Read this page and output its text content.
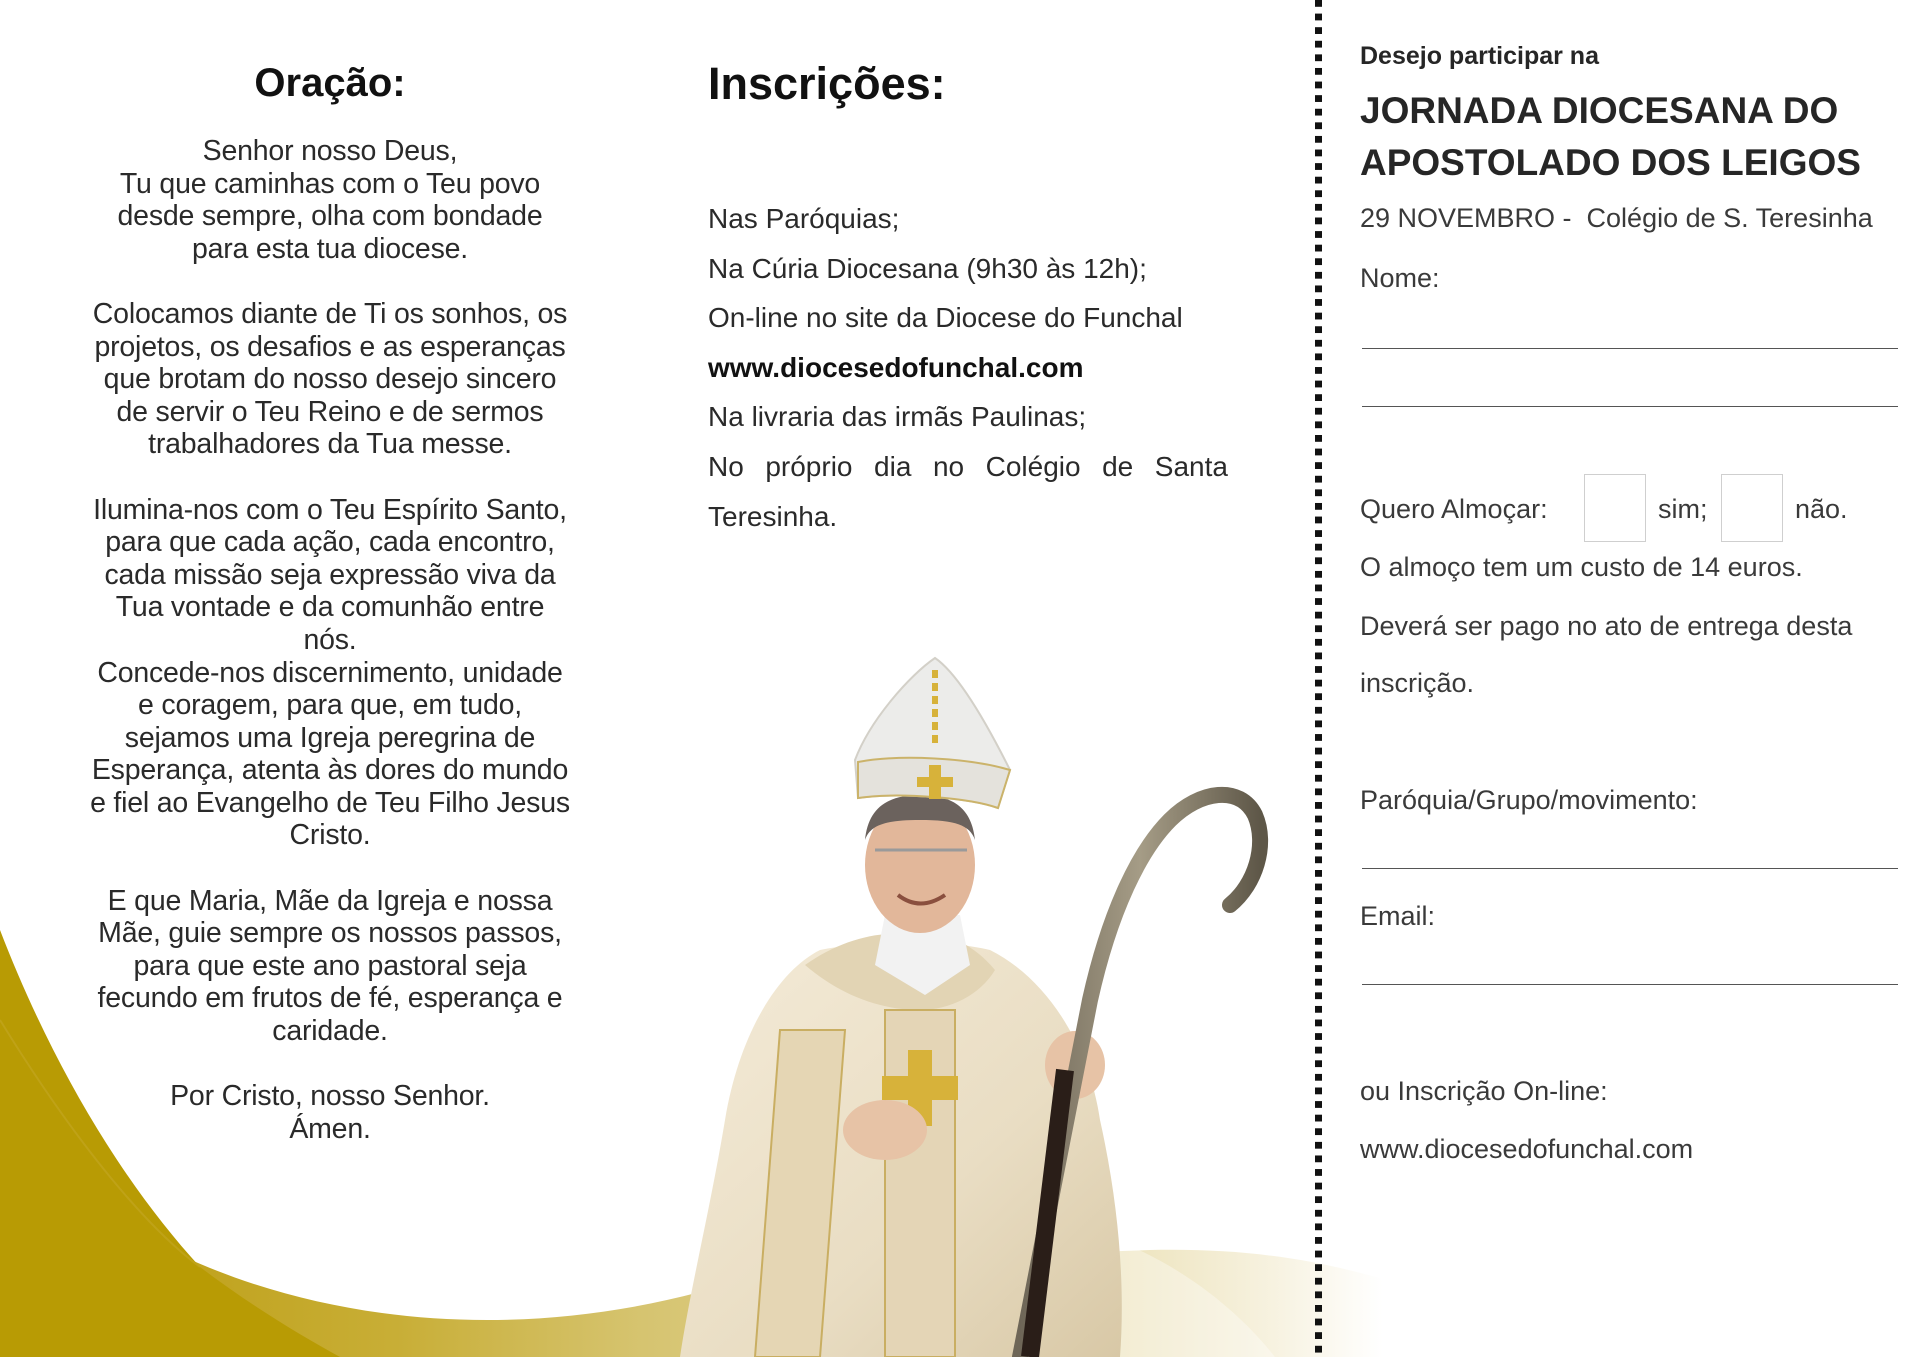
Oração:
Senhor nosso Deus,
Tu que caminhas com o Teu povo
desde sempre, olha com bondade
para esta tua diocese.
Colocamos diante de Ti os sonhos, os
projetos, os desafios e as esperanças
que brotam do nosso desejo sincero
de servir o Teu Reino e de sermos
trabalhadores da Tua messe.
Ilumina-nos com o Teu Espírito Santo,
para que cada ação, cada encontro,
cada missão seja expressão viva da
Tua vontade e da comunhão entre
nós.
Concede-nos discernimento, unidade
e coragem, para que, em tudo,
sejamos uma Igreja peregrina de
Esperança, atenta às dores do mundo
e fiel ao Evangelho de Teu Filho Jesus
Cristo.
E que Maria, Mãe da Igreja e nossa
Mãe, guie sempre os nossos passos,
para que este ano pastoral seja
fecundo em frutos de fé, esperança e
caridade.
Por Cristo, nosso Senhor.
Ámen.
Inscrições:
Nas Paróquias;
Na Cúria Diocesana (9h30 às 12h);
On-line no site da Diocese do Funchal
www.diocesedofunchal.com
Na livraria das irmãs Paulinas;
No próprio dia no Colégio de Santa
Teresinha.
Desejo participar na
JORNADA DIOCESANA DO
APOSTOLADO DOS LEIGOS
29 NOVEMBRO -  Colégio de S. Teresinha
Nome:
Quero Almoçar:	sim;	não.
O almoço tem um custo de 14 euros.
Deverá ser pago no ato de entrega desta
inscrição.
Paróquia/Grupo/movimento:
Email:
ou Inscrição On-line:
www.diocesedofunchal.com
